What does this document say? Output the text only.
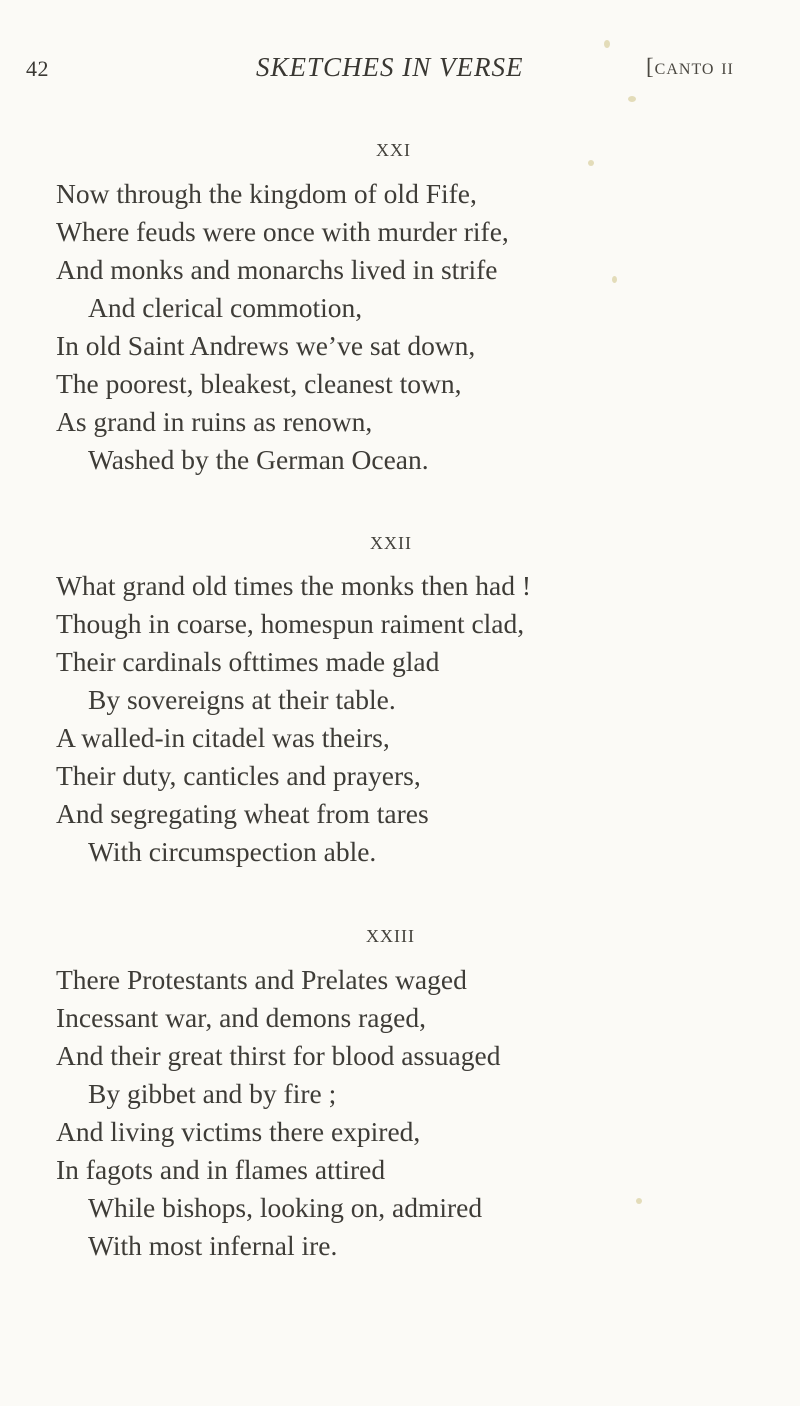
42	SKETCHES IN VERSE	[canto ii
XXI
Now through the kingdom of old Fife,
Where feuds were once with murder rife,
And monks and monarchs lived in strife
And clerical commotion,
In old Saint Andrews we’ve sat down,
The poorest, bleakest, cleanest town,
As grand in ruins as renown,
Washed by the German Ocean.
XXII
What grand old times the monks then had !
Though in coarse, homespun raiment clad,
Their cardinals ofttimes made glad
By sovereigns at their table.
A walled-in citadel was theirs,
Their duty, canticles and prayers,
And segregating wheat from tares
With circumspection able.
XXIII
There Protestants and Prelates waged
Incessant war, and demons raged,
And their great thirst for blood assuaged
By gibbet and by fire ;
And living victims there expired,
In fagots and in flames attired
While bishops, looking on, admired
With most infernal ire.
